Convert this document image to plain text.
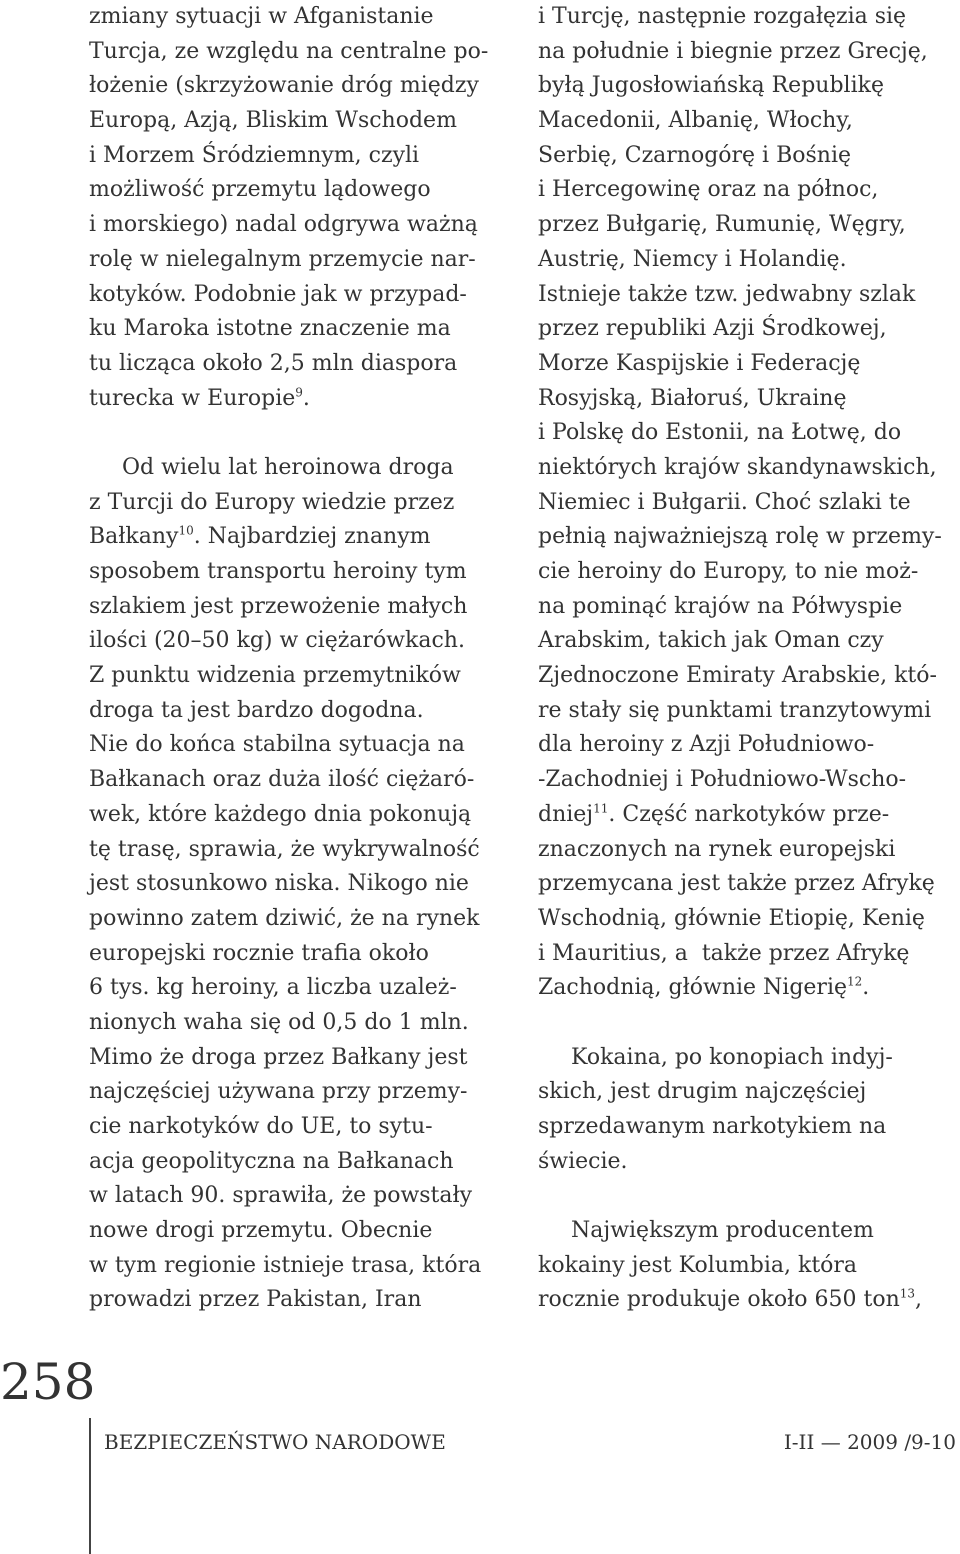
zmiany sytuacji w Afganistanie
Turcja, ze względu na centralne po-
łożenie (skrzyżowanie dróg między
Europą, Azją, Bliskim Wschodem
i Morzem Śródziemnym, czyli
możliwość przemytu lądowego
i morskiego) nadal odgrywa ważną
rolę w nielegalnym przemycie nar-
kotyków. Podobnie jak w przypad-
ku Maroka istotne znaczenie ma
tu licząca około 2,5 mln diaspora
turecka w Europie$^9$.
Od wielu lat heroinowa droga
z Turcji do Europy wiedzie przez
Bałkany$^{10}$. Najbardziej znanym
sposobem transportu heroiny tym
szlakiem jest przewożenie małych
ilości (20–50 kg) w ciężarówkach.
Z punktu widzenia przemytników
droga ta jest bardzo dogodna.
Nie do końca stabilna sytuacja na
Bałkanach oraz duża ilość ciężaró-
wek, które każdego dnia pokonują
tę trasę, sprawia, że wykrywalność
jest stosunkowo niska. Nikogo nie
powinno zatem dziwić, że na rynek
europejski rocznie trafia około
6 tys. kg heroiny, a liczba uzależ-
nionych waha się od 0,5 do 1 mln.
Mimo że droga przez Bałkany jest
najczęściej używana przy przemy-
cie narkotyków do UE, to sytu-
acja geopolityczna na Bałkanach
w latach 90. sprawiła, że powstały
nowe drogi przemytu. Obecnie
w tym regionie istnieje trasa, która
prowadzi przez Pakistan, Iran
i Turcję, następnie rozgałęzia się
na południe i biegnie przez Grecję,
byłą Jugosłowiańską Republikę
Macedonii, Albanię, Włochy,
Serbię, Czarnogórę i Bośnię
i Hercegowinę oraz na północ,
przez Bułgarię, Rumunię, Węgry,
Austrię, Niemcy i Holandię.
Istnieje także tzw. jedwabny szlak
przez republiki Azji Środkowej,
Morze Kaspijskie i Federację
Rosyjską, Białoruś, Ukrainę
i Polskę do Estonii, na Łotwę, do
niektórych krajów skandynawskich,
Niemiec i Bułgarii. Choć szlaki te
pełnią najważniejszą rolę w przemy-
cie heroiny do Europy, to nie moż-
na pominąć krajów na Półwyspie
Arabskim, takich jak Oman czy
Zjednoczone Emiraty Arabskie, któ-
re stały się punktami tranzytowymi
dla heroiny z Azji Południowo-
-Zachodniej i Południowo-Wscho-
dniej$^{11}$. Część narkotyków prze-
znaczonych na rynek europejski
przemycana jest także przez Afrykę
Wschodnią, głównie Etiopię, Kenię
i Mauritius, a  także przez Afrykę
Zachodnią, głównie Nigerię$^{12}$.
Kokaina, po konopiach indyj-
skich, jest drugim najczęściej
sprzedawanym narkotykiem na
świecie.
Największym producentem
kokainy jest Kolumbia, która
rocznie produkuje około 650 ton$^{13}$,
258
BEZPIECZEŃSTWO NARODOWE	I-II — 2009 /9-10
